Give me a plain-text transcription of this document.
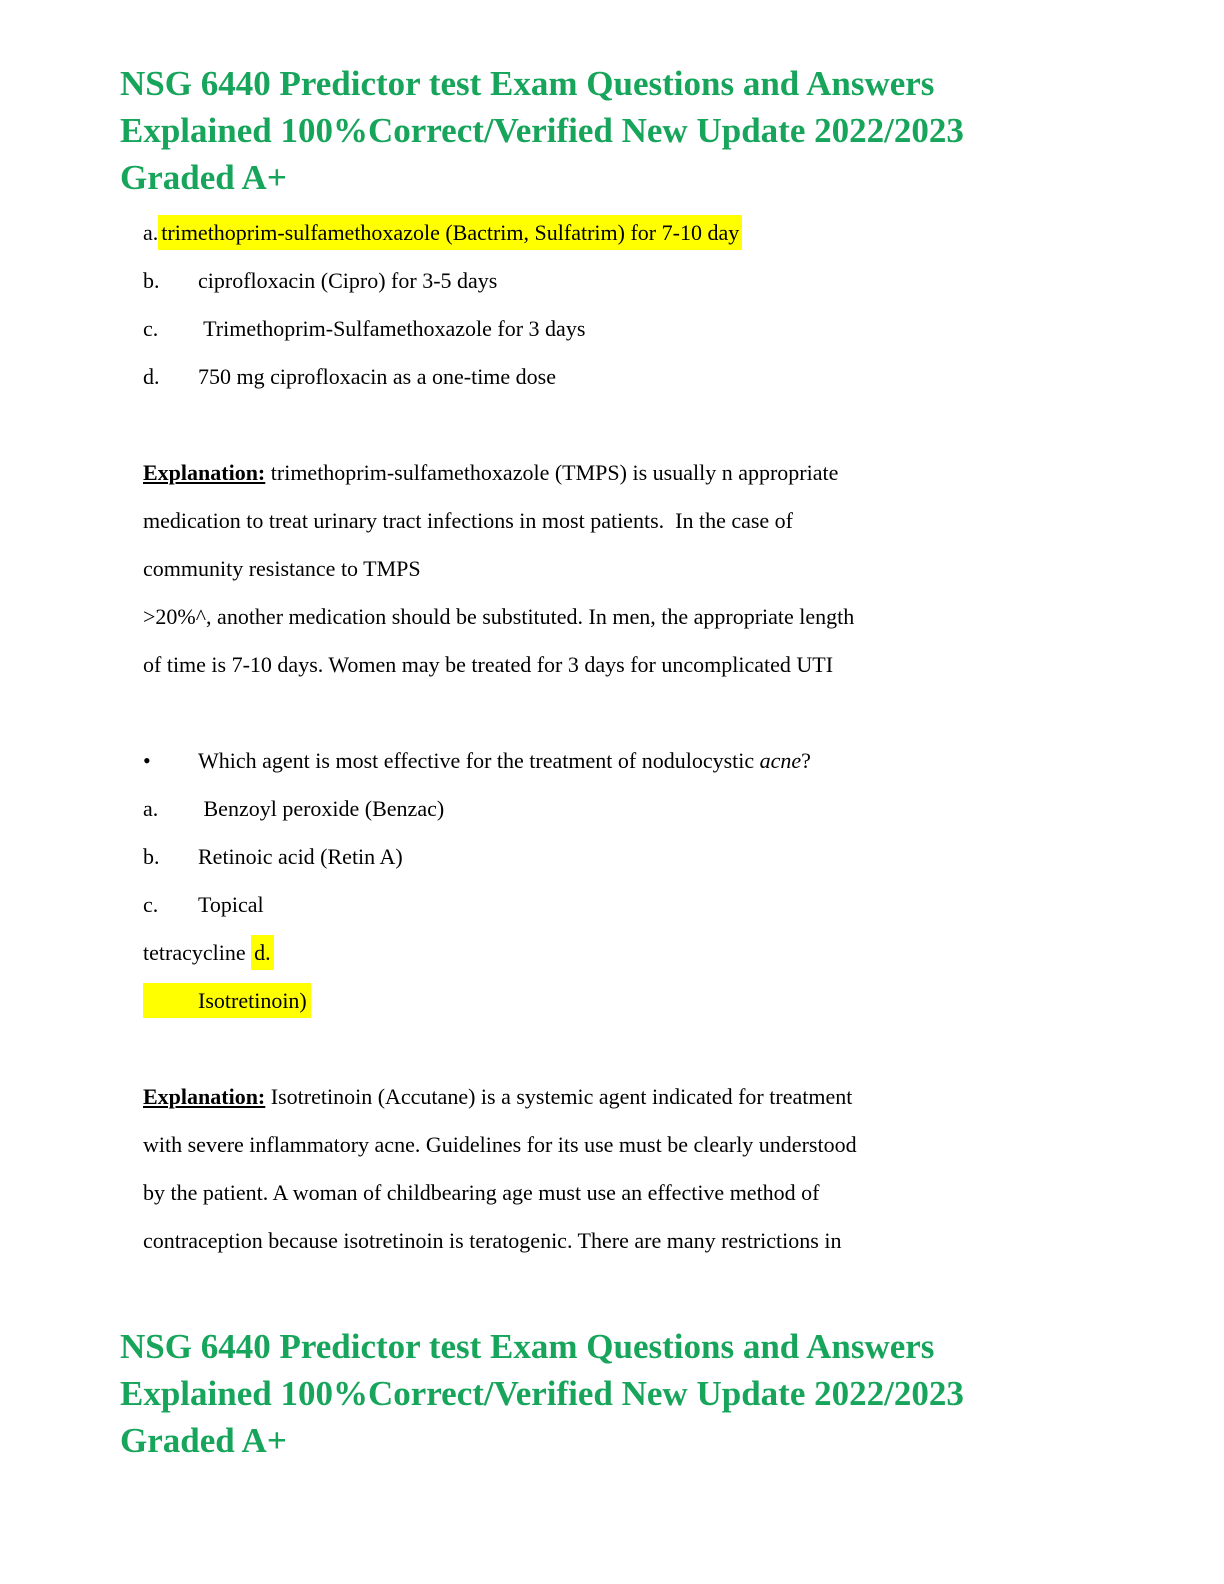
NSG 6440 Predictor test Exam Questions and Answers
Explained 100%Correct/Verified New Update 2022/2023
Graded A+
a. trimethoprim-sulfamethoxazole (Bactrim, Sulfatrim) for 7-10 day
b. ciprofloxacin (Cipro) for 3-5 days
c. Trimethoprim-Sulfamethoxazole for 3 days
d. 750 mg ciprofloxacin as a one-time dose
Explanation: trimethoprim-sulfamethoxazole (TMPS) is usually n appropriate
medication to treat urinary tract infections in most patients.  In the case of
community resistance to TMPS
>20%^, another medication should be substituted. In men, the appropriate length
of time is 7-10 days. Women may be treated for 3 days for uncomplicated UTI
• Which agent is most effective for the treatment of nodulocystic acne?
a. Benzoyl peroxide (Benzac)
b. Retinoic acid (Retin A)
c. Topical
tetracycline d.
Isotretinoin)
Explanation: Isotretinoin (Accutane) is a systemic agent indicated for treatment
with severe inflammatory acne. Guidelines for its use must be clearly understood
by the patient. A woman of childbearing age must use an effective method of
contraception because isotretinoin is teratogenic. There are many restrictions in
NSG 6440 Predictor test Exam Questions and Answers
Explained 100%Correct/Verified New Update 2022/2023
Graded A+
